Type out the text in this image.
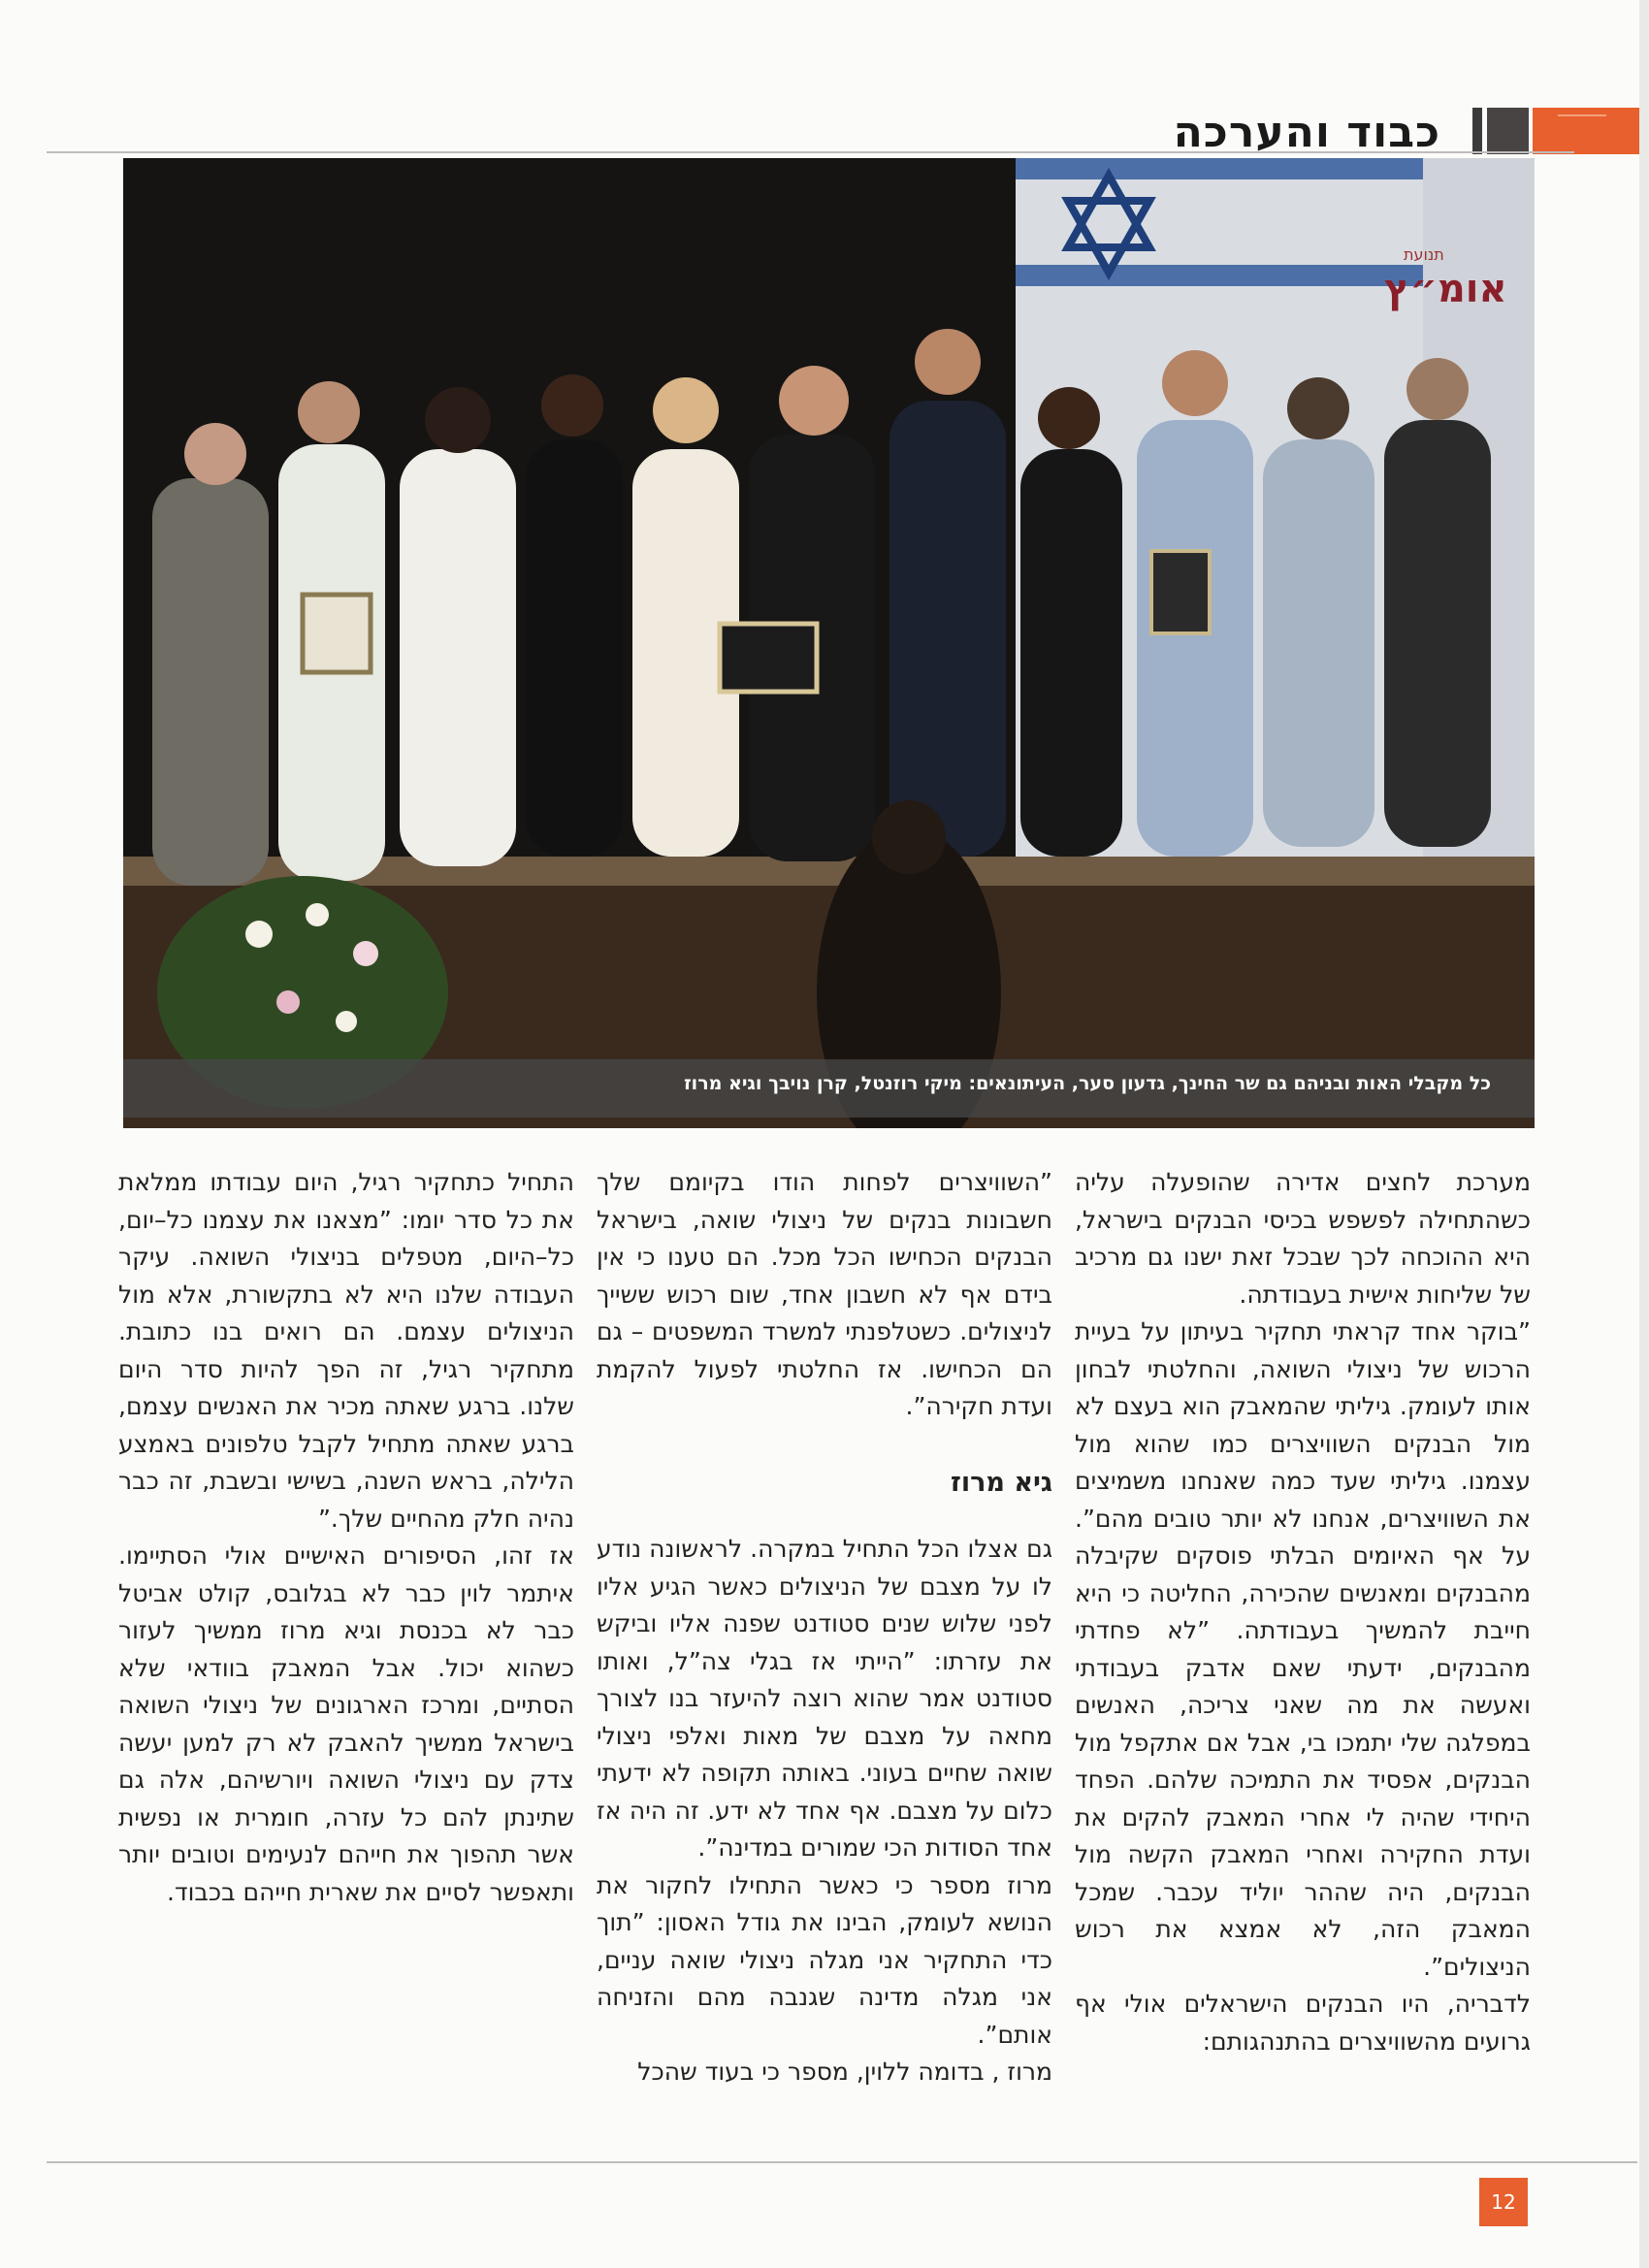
כבוד והערכה
תנועת
אומ״ץ
כל מקבלי האות ובניהם גם שר החינך, גדעון סער, העיתונאים: מיקי רוזנטל, קרן נויבך וגיא מרוז

מערכת לחצים אדירה שהופעלה עליה כשהתחילה לפשפש בכיסי הבנקים בישראל, היא ההוכחה לכך שבכל זאת ישנו גם מרכיב של שליחות אישית בעבודתה.

”בוקר אחד קראתי תחקיר בעיתון על בעיית הרכוש של ניצולי השואה, והחלטתי לבחון אותו לעומק. גיליתי שהמאבק הוא בעצם לא מול הבנקים השוויצרים כמו שהוא מול עצמנו. גיליתי שעד כמה שאנחנו משמיצים את השוויצרים, אנחנו לא יותר טובים מהם”. על אף האיומים הבלתי פוסקים שקיבלה מהבנקים ומאנשים שהכירה, החליטה כי היא חייבת להמשיך בעבודתה. ”לא פחדתי מהבנקים, ידעתי שאם אדבק בעבודתי ואעשה את מה שאני צריכה, האנשים במפלגה שלי יתמכו בי, אבל אם אתקפל מול הבנקים, אפסיד את התמיכה שלהם. הפחד היחידי שהיה לי אחרי המאבק להקים את ועדת החקירה ואחרי המאבק הקשה מול הבנקים, היה שההר יוליד עכבר. שמכל המאבק הזה, לא אמצא את רכוש הניצולים”.

לדבריה, היו הבנקים הישראלים אולי אף גרועים מהשוויצרים בהתנהגותם:

”השוויצרים לפחות הודו בקיומם שלך חשבונות בנקים של ניצולי שואה, בישראל הבנקים הכחישו הכל מכל. הם טענו כי אין בידם אף לא חשבון אחד, שום רכוש ששייך לניצולים. כשטלפנתי למשרד המשפטים – גם הם הכחישו. אז החלטתי לפעול להקמת ועדת חקירה”.

גיא מרוז

גם אצלו הכל התחיל במקרה. לראשונה נודע לו על מצבם של הניצולים כאשר הגיע אליו לפני שלוש שנים סטודנט שפנה אליו וביקש את עזרתו: ”הייתי אז בגלי צה”ל, ואותו סטודנט אמר שהוא רוצה להיעזר בנו לצורך מחאה על מצבם של מאות ואלפי ניצולי שואה שחיים בעוני. באותה תקופה לא ידעתי כלום על מצבם. אף אחד לא ידע. זה היה אז אחד הסודות הכי שמורים במדינה”.

מרוז מספר כי כאשר התחילו לחקור את הנושא לעומק, הבינו את גודל האסון: ”תוך כדי התחקיר אני מגלה ניצולי שואה עניים, אני מגלה מדינה שגנבה מהם והזניחה אותם”.

מרוז , בדומה ללוין, מספר כי בעוד שהכל

התחיל כתחקיר רגיל, היום עבודתו ממלאת את כל סדר יומו: ”מצאנו את עצמנו כל–יום, כל–היום, מטפלים בניצולי השואה. עיקר העבודה שלנו היא לא בתקשורת, אלא מול הניצולים עצמם. הם רואים בנו כתובת. מתחקיר רגיל, זה הפך להיות סדר היום שלנו. ברגע שאתה מכיר את האנשים עצמם, ברגע שאתה מתחיל לקבל טלפונים באמצע הלילה, בראש השנה, בשישי ובשבת, זה כבר נהיה חלק מהחיים שלך.”

אז זהו, הסיפורים האישיים אולי הסתיימו. איתמר לוין כבר לא בגלובס, קולט אביטל כבר לא בכנסת וגיא מרוז ממשיך לעזור כשהוא יכול. אבל המאבק בוודאי שלא הסתיים, ומרכז הארגונים של ניצולי השואה בישראל ממשיך להאבק לא רק למען יעשה צדק עם ניצולי השואה ויורשיהם, אלה גם שתינתן להם כל עזרה, חומרית או נפשית אשר תהפוך את חייהם לנעימים וטובים יותר ותאפשר לסיים את שארית חייהם בכבוד.

12
